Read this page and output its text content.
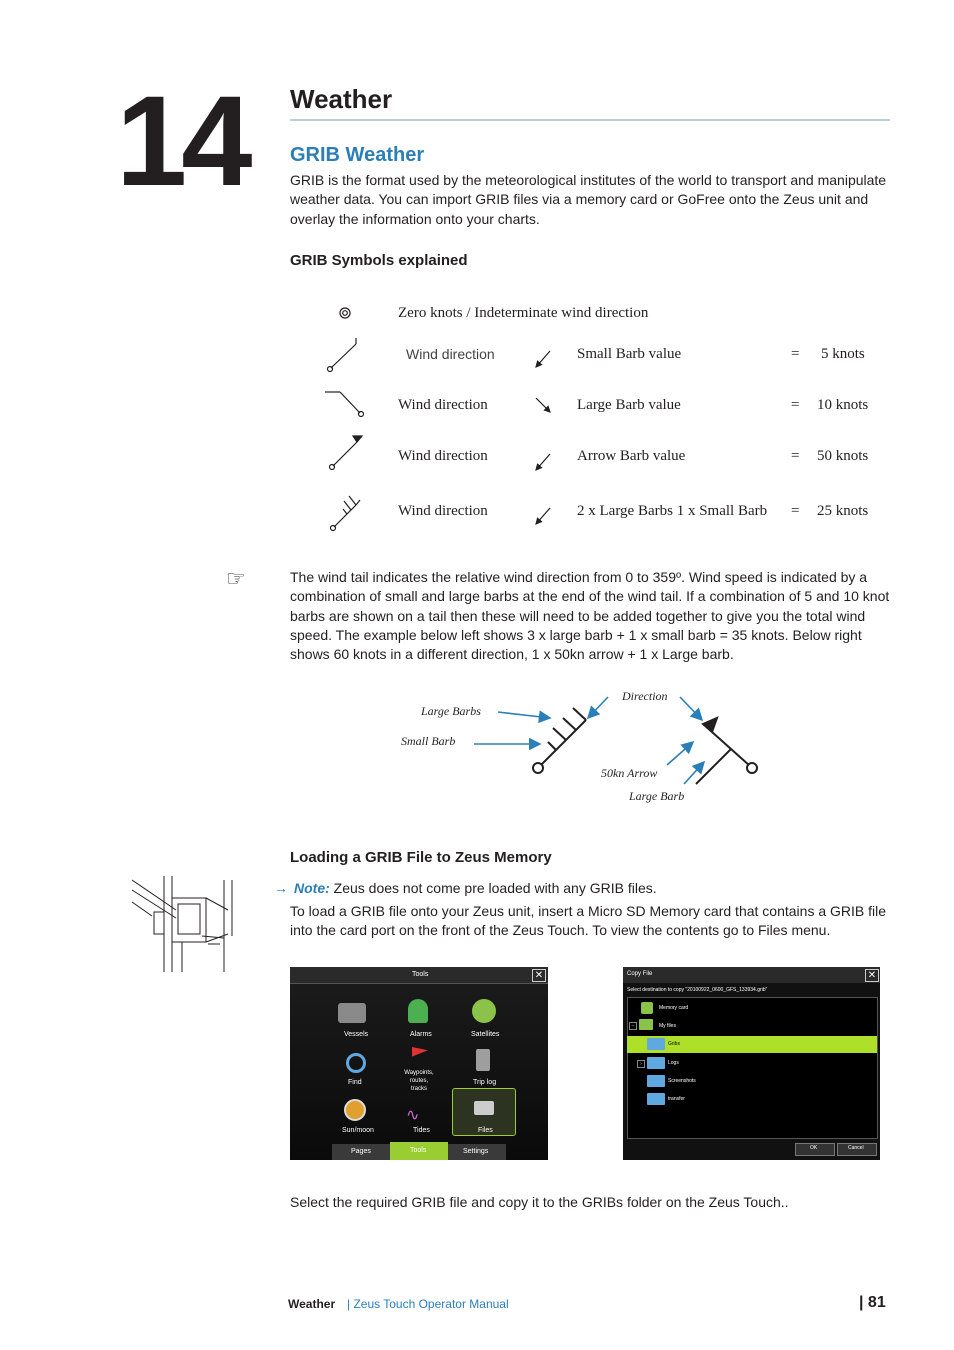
14 Weather
GRIB Weather
GRIB is the format used by the meteorological institutes of the world to transport and manipulate weather data. You can import GRIB files via a memory card or GoFree onto the Zeus unit and overlay the information onto your charts.
GRIB Symbols explained
Zero knots / Indeterminate wind direction
Wind direction	Small Barb value	= 5 knots
Wind direction	Large Barb value	= 10 knots
Wind direction	Arrow Barb value	= 50 knots
Wind direction	2 x Large Barbs 1 x Small Barb = 25 knots
☞	The wind tail indicates the relative wind direction from 0 to 359º. Wind speed is indicated by a combination of small and large barbs at the end of the wind tail. If a combination of 5 and 10 knot barbs are shown on a tail then these will need to be added together to give you the total wind speed. The example below left shows 3 x large barb + 1 x small barb = 35 knots. Below right shows 60 knots in a different direction, 1 x 50kn arrow + 1 x Large barb.
Large Barbs
Small Barb
Direction
50kn Arrow
Large Barb
Loading a GRIB File to Zeus Memory
→ Note: Zeus does not come pre loaded with any GRIB files.
To load a GRIB file onto your Zeus unit, insert a Micro SD Memory card that contains a GRIB file into the card port on the front of the Zeus Touch. To view the contents go to Files menu.
Tools	✕
Vessels	Alarms	Satellites
Find
Waypoints, routes, tracks
Trip log
Sun/moon
∿
Tides	Files
Pages	Tools	Settings
Copy File	✕
Select destination to copy "20100922_0600_GFS_133934.grib"
Memory card
–	My files
Gribs
›	Logs
Screenshots
transfer
OK	Cancel
Select the required GRIB file and copy it to the GRIBs folder on the Zeus Touch..
Weather | Zeus Touch Operator Manual	| 81
